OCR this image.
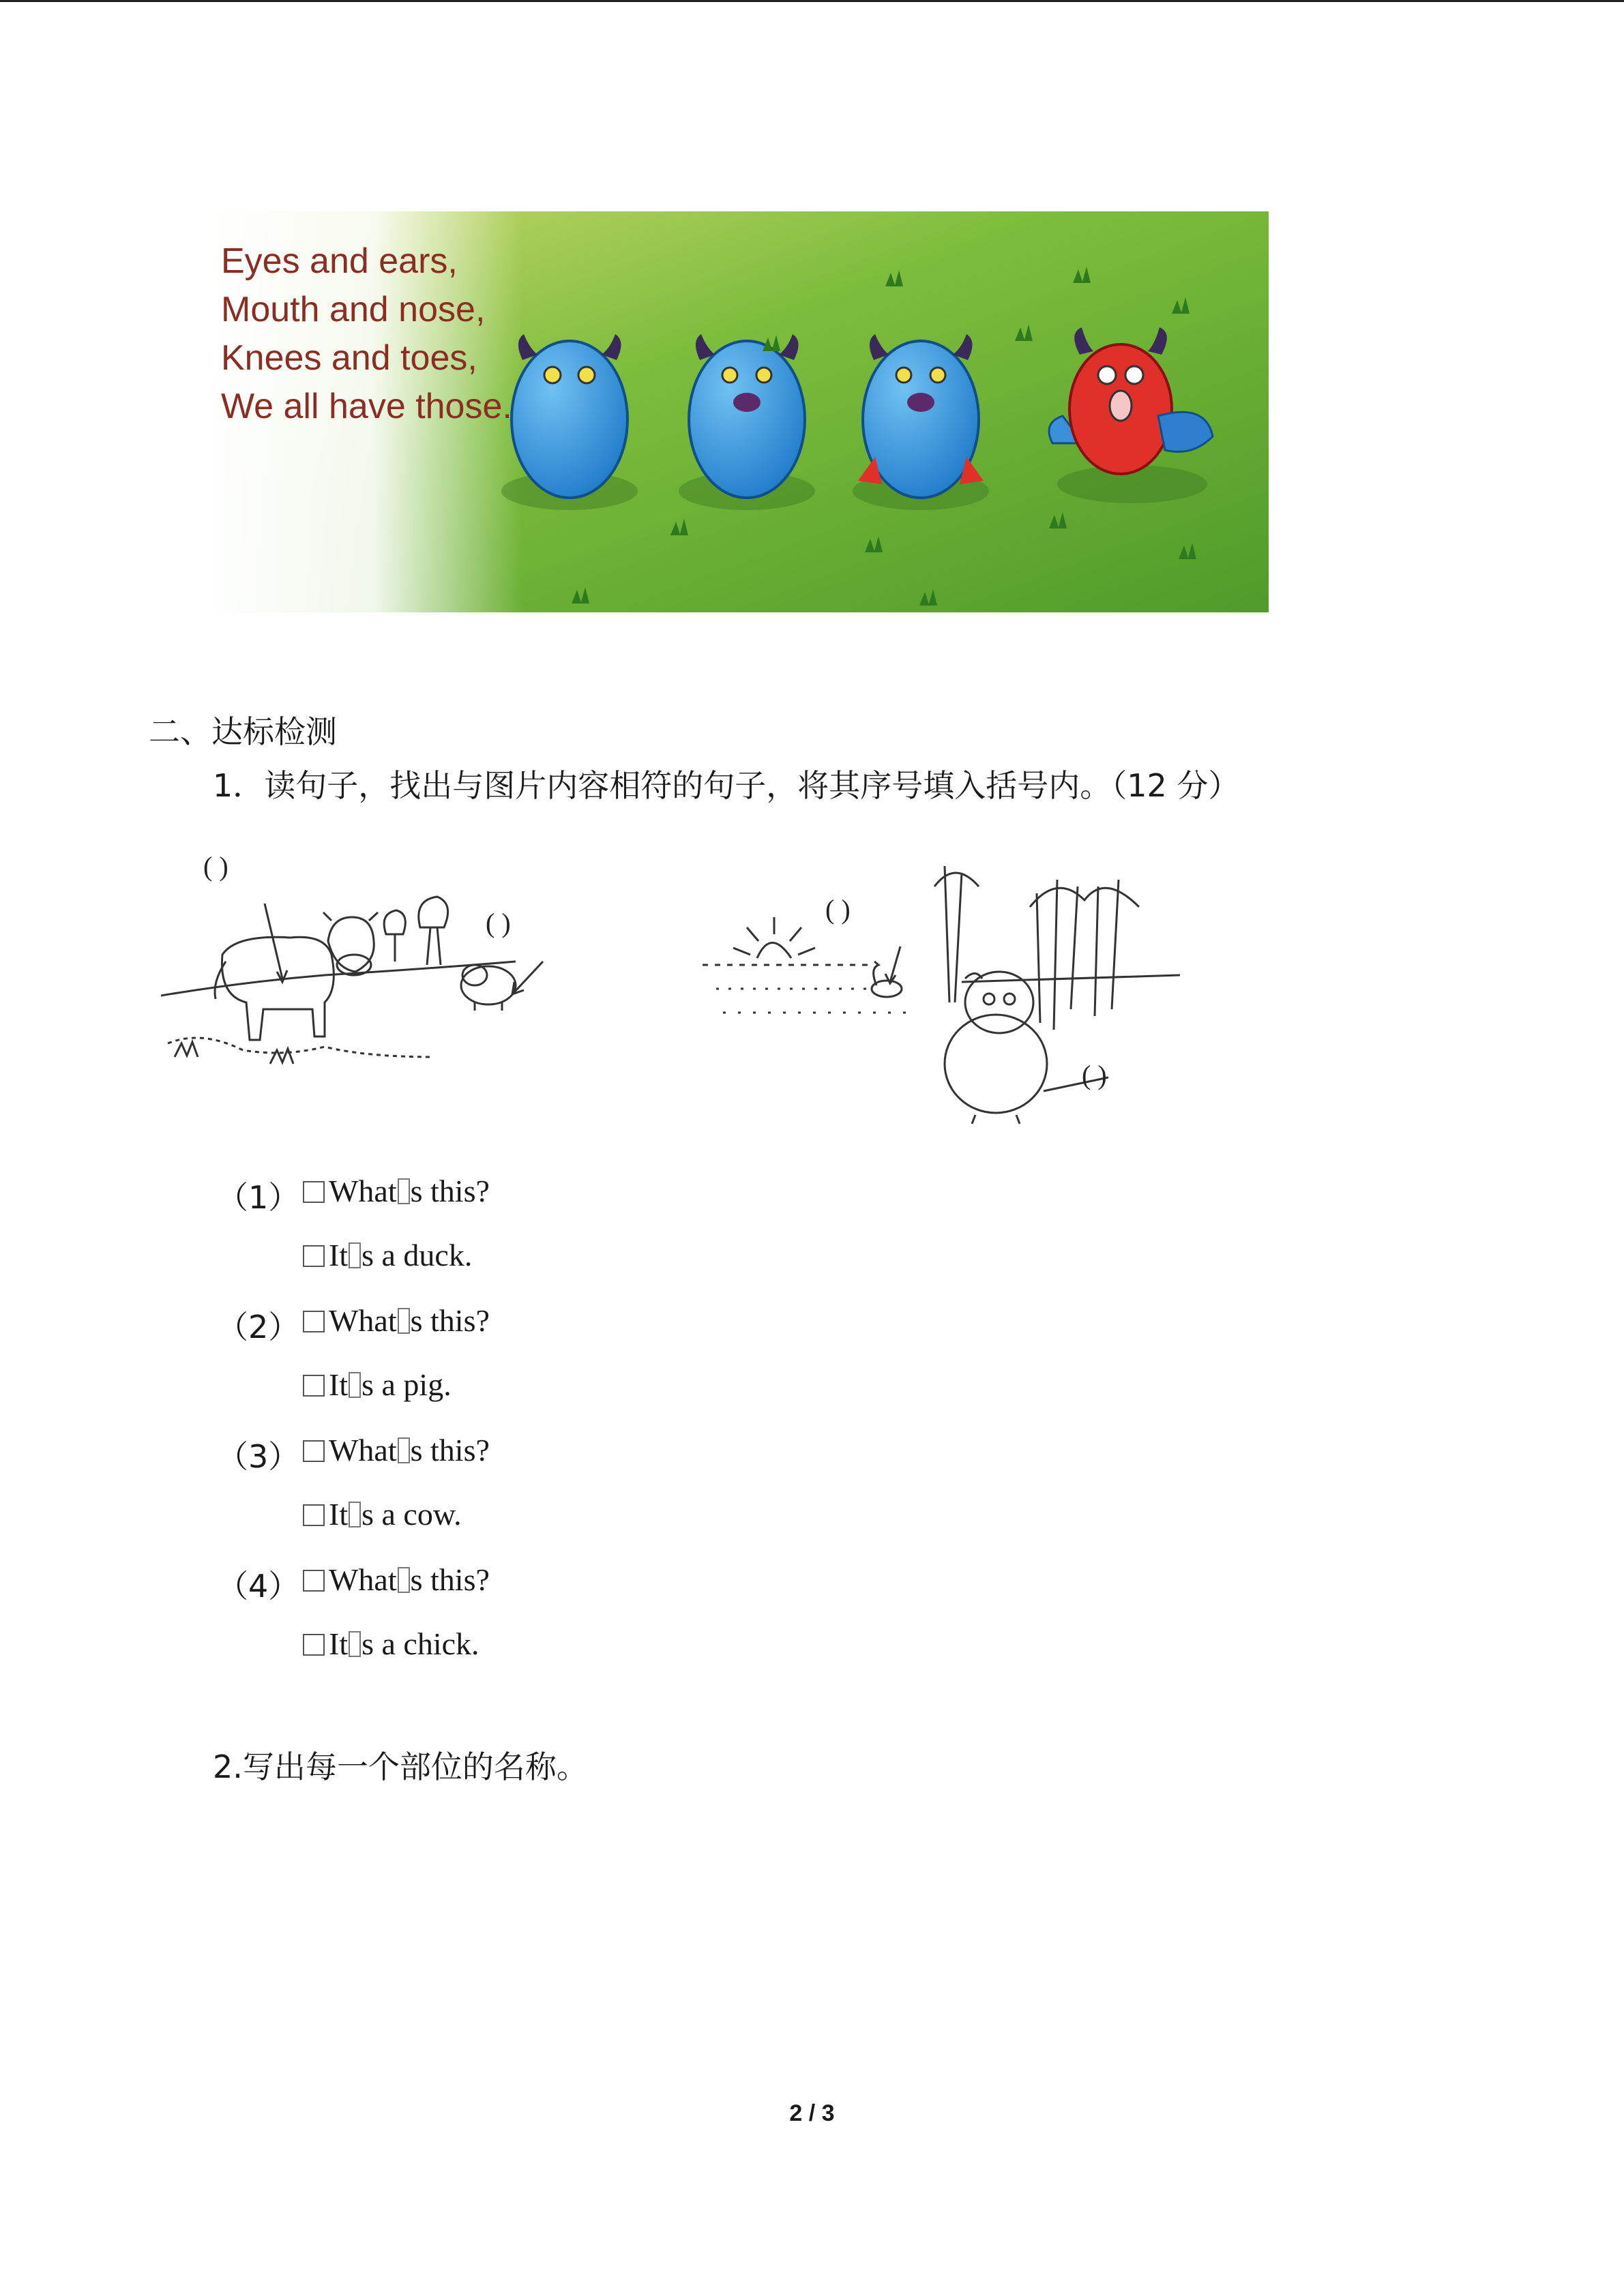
Eyes and ears,
Mouth and nose,
Knees and toes,
We all have those.
二、达标检测
1．读句子，找出与图片内容相符的句子，将其序号填入括号内。（12 分）
( )
( )	( )
( )
（1） What s this?
It s a duck.
（2） What s this?
It s a pig.
（3） What s this?
It s a cow.
（4） What s this?
It s a chick.
2.写出每一个部位的名称。
2 / 3
